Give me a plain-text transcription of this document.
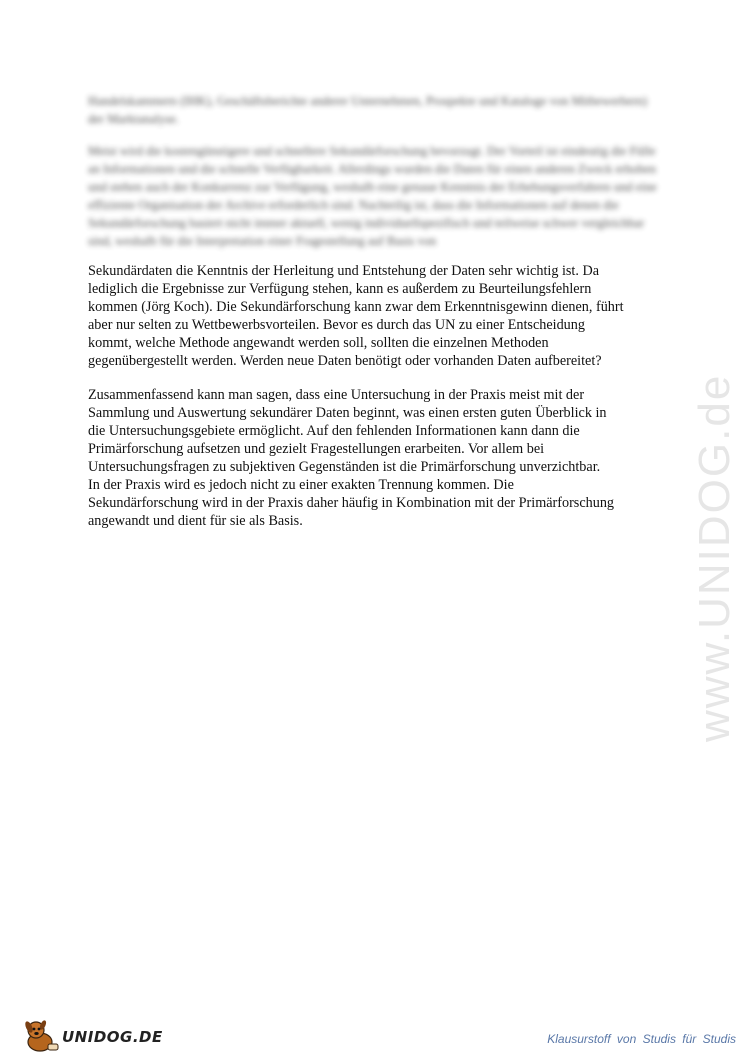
Handelskammern (IHK), Geschäftsberichte anderer Unternehmen, Prospekte und Kataloge von Mitbewerbern) der Marktanalyse.

Meist wird die kostengünstigere und schnellere Sekundärforschung bevorzugt. Der Vorteil ist eindeutig die Fülle an Informationen und die schnelle Verfügbarkeit. Allerdings wurden die Daten für einen anderen Zweck erhoben und stehen auch der Konkurrenz zur Verfügung, weshalb eine genaue Kenntnis der Erhebungsverfahren und eine effiziente Organisation der Archive erforderlich sind. Nachteilig ist, dass die Informationen auf denen die Sekundärforschung basiert nicht immer aktuell, wenig individuellspezifisch und teilweise schwer vergleichbar sind, weshalb für die Interpretation einer Fragestellung auf Basis von

Sekundärdaten die Kenntnis der Herleitung und Entstehung der Daten sehr wichtig ist. Da
lediglich die Ergebnisse zur Verfügung stehen, kann es außerdem zu Beurteilungsfehlern
kommen (Jörg Koch). Die Sekundärforschung kann zwar dem Erkenntnisgewinn dienen, führt
aber nur selten zu Wettbewerbsvorteilen. Bevor es durch das UN zu einer Entscheidung
kommt, welche Methode angewandt werden soll, sollten die einzelnen Methoden
gegenübergestellt werden. Werden neue Daten benötigt oder vorhanden Daten aufbereitet?
Zusammenfassend kann man sagen, dass eine Untersuchung in der Praxis meist mit der
Sammlung und Auswertung sekundärer Daten beginnt, was einen ersten guten Überblick in
die Untersuchungsgebiete ermöglicht. Auf den fehlenden Informationen kann dann die
Primärforschung aufsetzen und gezielt Fragestellungen erarbeiten. Vor allem bei
Untersuchungsfragen zu subjektiven Gegenständen ist die Primärforschung unverzichtbar.
In der Praxis wird es jedoch nicht zu einer exakten Trennung kommen. Die
Sekundärforschung wird in der Praxis daher häufig in Kombination mit der Primärforschung
angewandt und dient für sie als Basis.	www.UNIDOG.de
UNIDOG.DE	Klausurstoff von Studis für Studis
